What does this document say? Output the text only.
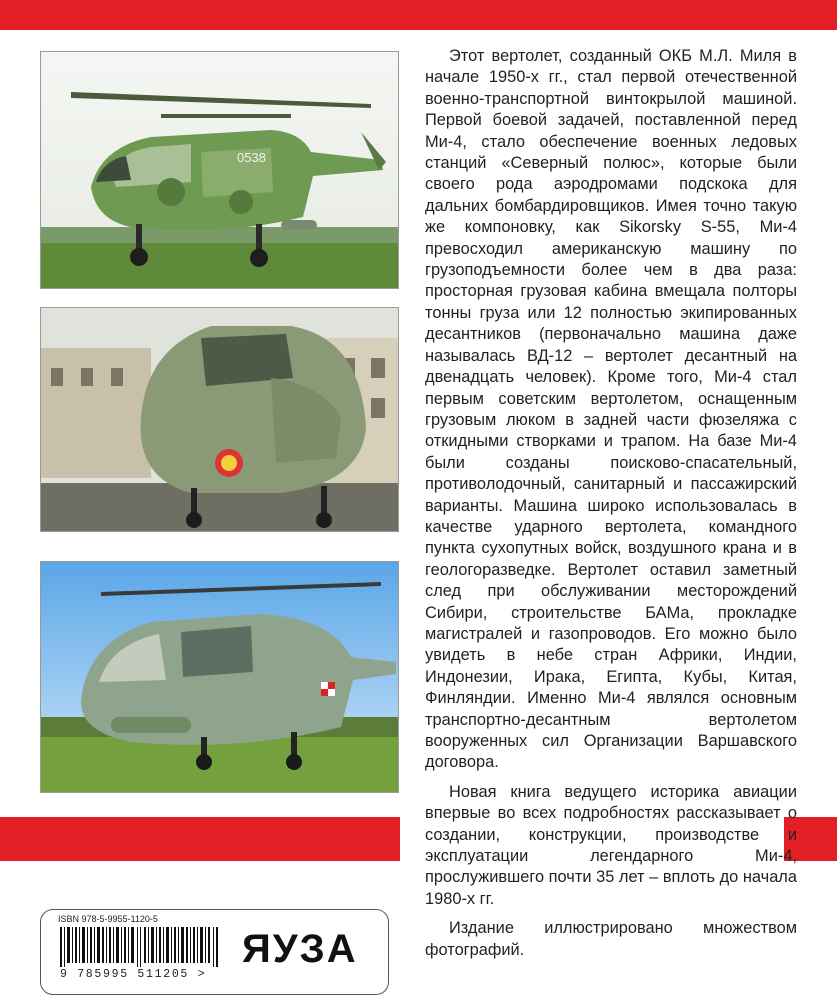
0538

Этот вертолет, созданный ОКБ М.Л. Миля в начале 1950-х гг., стал первой отечественной военно-транспортной винтокрылой машиной. Первой боевой задачей, поставленной перед Ми-4, стало обеспечение военных ледовых станций «Северный полюс», которые были своего рода аэродромами подскока для дальних бомбардировщиков. Имея точно такую же компоновку, как Sikorsky S-55, Ми-4 превосходил американскую машину по грузоподъемности более чем в два раза: просторная грузовая кабина вмещала полторы тонны груза или 12 полностью экипированных десантников (первоначально машина даже называлась ВД-12 – вертолет десантный на двенадцать человек). Кроме того, Ми-4 стал первым советским вертолетом, оснащенным грузовым люком в задней части фюзеляжа с откидными створками и трапом. На базе Ми-4 были созданы поисково-спасательный, противолодочный, санитарный и пассажирский варианты. Машина широко использовалась в качестве ударного вертолета, командного пункта сухопутных войск, воздушного крана и в геологоразведке. Вертолет оставил заметный след при обслуживании месторождений Сибири, строительстве БАМа, прокладке магистралей и газопроводов. Его можно было увидеть в небе стран Африки, Индии, Индонезии, Ирака, Египта, Кубы, Китая, Финляндии. Именно Ми-4 являлся основным транспортно-десантным вертолетом вооруженных сил Организации Варшавского договора.

Новая книга ведущего историка авиации впервые во всех подробностях рассказывает о создании, конструкции, производстве и эксплуатации легендарного Ми-4, прослужившего почти 35 лет – вплоть до начала 1980-х гг.

Издание иллюстрировано множеством фотографий.

ISBN 978-5-9955-1120-5
9 785995 511205 >
ЯУЗА
